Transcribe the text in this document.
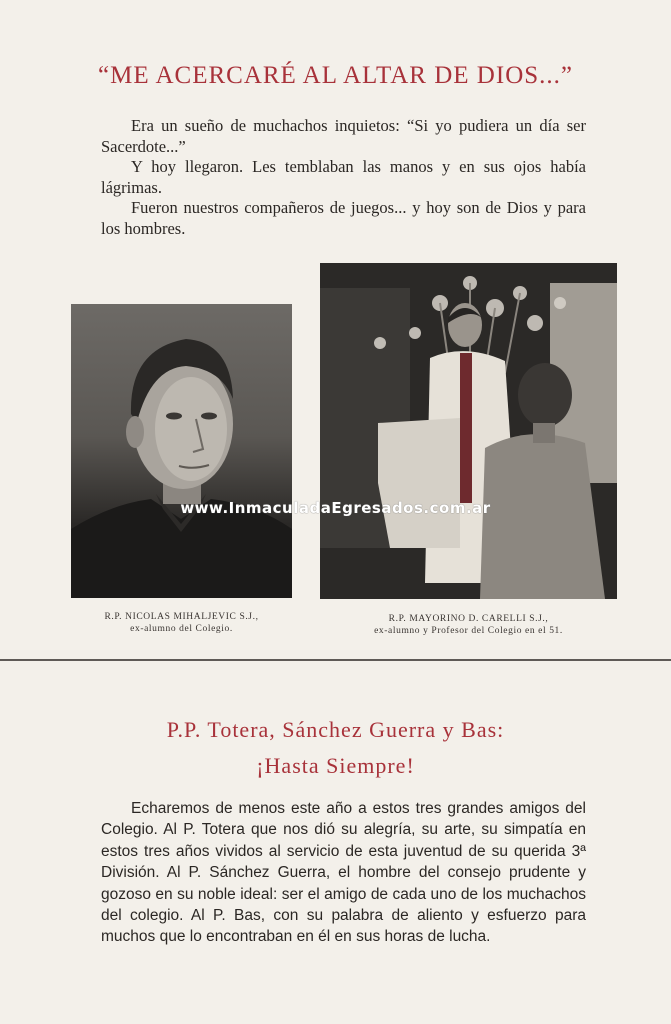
“ME ACERCARÉ AL ALTAR DE DIOS...”

Era un sueño de muchachos inquietos: “Si yo pudiera un día ser Sacerdote...”

Y hoy llegaron. Les temblaban las manos y en sus ojos había lágrimas.

Fueron nuestros compañeros de juegos... y hoy son de Dios y para los hombres.

R.P. NICOLAS MIHALJEVIC S.J.,
ex-alumno del Colegio.
R.P. MAYORINO D. CARELLI S.J.,
ex-alumno y Profesor del Colegio en el 51.
www.InmaculadaEgresados.com.ar
P.P. Totera, Sánchez Guerra y Bas:
¡Hasta Siempre!

Echaremos de menos este año a estos tres grandes amigos del Colegio. Al P. Totera que nos dió su alegría, su arte, su simpatía en estos tres años vividos al servicio de esta juventud de su querida 3ª División. Al P. Sánchez Guerra, el hombre del consejo prudente y gozoso en su noble ideal: ser el amigo de cada uno de los muchachos del colegio. Al P. Bas, con su palabra de aliento y esfuerzo para muchos que lo encontraban en él en sus horas de lucha.
